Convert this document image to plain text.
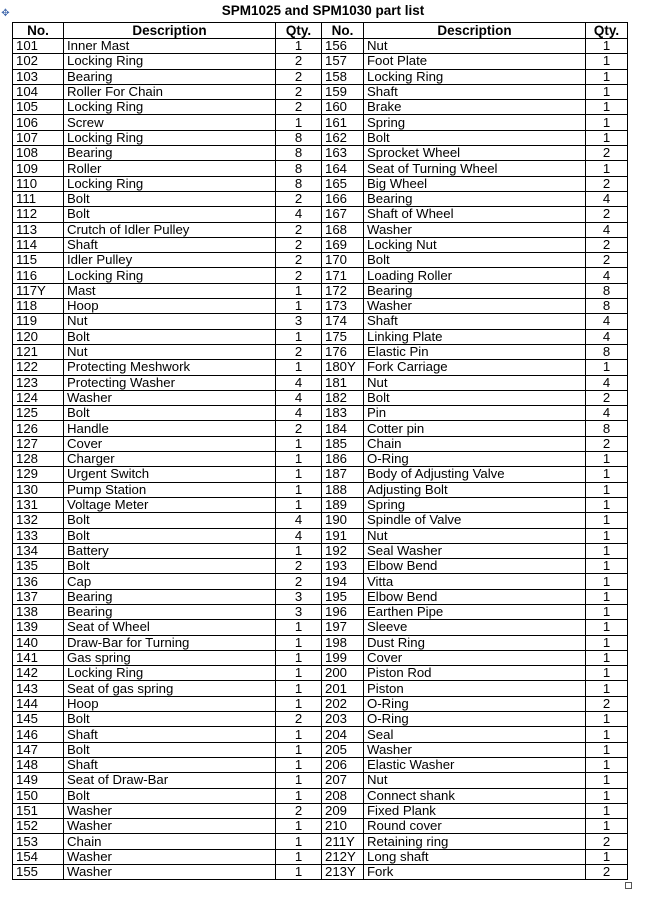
✥	SPM1025 and SPM1030 part list
No.	Description	Qty.	No.	Description	Qty.
101	Inner Mast	1	156	Nut	1
102	Locking Ring	2	157	Foot Plate	1
103	Bearing	2	158	Locking Ring	1
104	Roller For Chain	2	159	Shaft	1
105	Locking Ring	2	160	Brake	1
106	Screw	1	161	Spring	1
107	Locking Ring	8	162	Bolt	1
108	Bearing	8	163	Sprocket Wheel	2
109	Roller	8	164	Seat of Turning Wheel	1
110	Locking Ring	8	165	Big Wheel	2
111	Bolt	2	166	Bearing	4
112	Bolt	4	167	Shaft of Wheel	2
113	Crutch of Idler Pulley	2	168	Washer	4
114	Shaft	2	169	Locking Nut	2
115	Idler Pulley	2	170	Bolt	2
116	Locking Ring	2	171	Loading Roller	4
117Y	Mast	1	172	Bearing	8
118	Hoop	1	173	Washer	8
119	Nut	3	174	Shaft	4
120	Bolt	1	175	Linking Plate	4
121	Nut	2	176	Elastic Pin	8
122	Protecting Meshwork	1	180Y	Fork Carriage	1
123	Protecting Washer	4	181	Nut	4
124	Washer	4	182	Bolt	2
125	Bolt	4	183	Pin	4
126	Handle	2	184	Cotter pin	8
127	Cover	1	185	Chain	2
128	Charger	1	186	O-Ring	1
129	Urgent Switch	1	187	Body of Adjusting Valve	1
130	Pump Station	1	188	Adjusting Bolt	1
131	Voltage Meter	1	189	Spring	1
132	Bolt	4	190	Spindle of Valve	1
133	Bolt	4	191	Nut	1
134	Battery	1	192	Seal Washer	1
135	Bolt	2	193	Elbow Bend	1
136	Cap	2	194	Vitta	1
137	Bearing	3	195	Elbow Bend	1
138	Bearing	3	196	Earthen Pipe	1
139	Seat of Wheel	1	197	Sleeve	1
140	Draw-Bar for Turning	1	198	Dust Ring	1
141	Gas spring	1	199	Cover	1
142	Locking Ring	1	200	Piston Rod	1
143	Seat of gas spring	1	201	Piston	1
144	Hoop	1	202	O-Ring	2
145	Bolt	2	203	O-Ring	1
146	Shaft	1	204	Seal	1
147	Bolt	1	205	Washer	1
148	Shaft	1	206	Elastic Washer	1
149	Seat of Draw-Bar	1	207	Nut	1
150	Bolt	1	208	Connect shank	1
151	Washer	2	209	Fixed Plank	1
152	Washer	1	210	Round cover	1
153	Chain	1	211Y	Retaining ring	2
154	Washer	1	212Y	Long shaft	1
155	Washer	1	213Y	Fork	2
